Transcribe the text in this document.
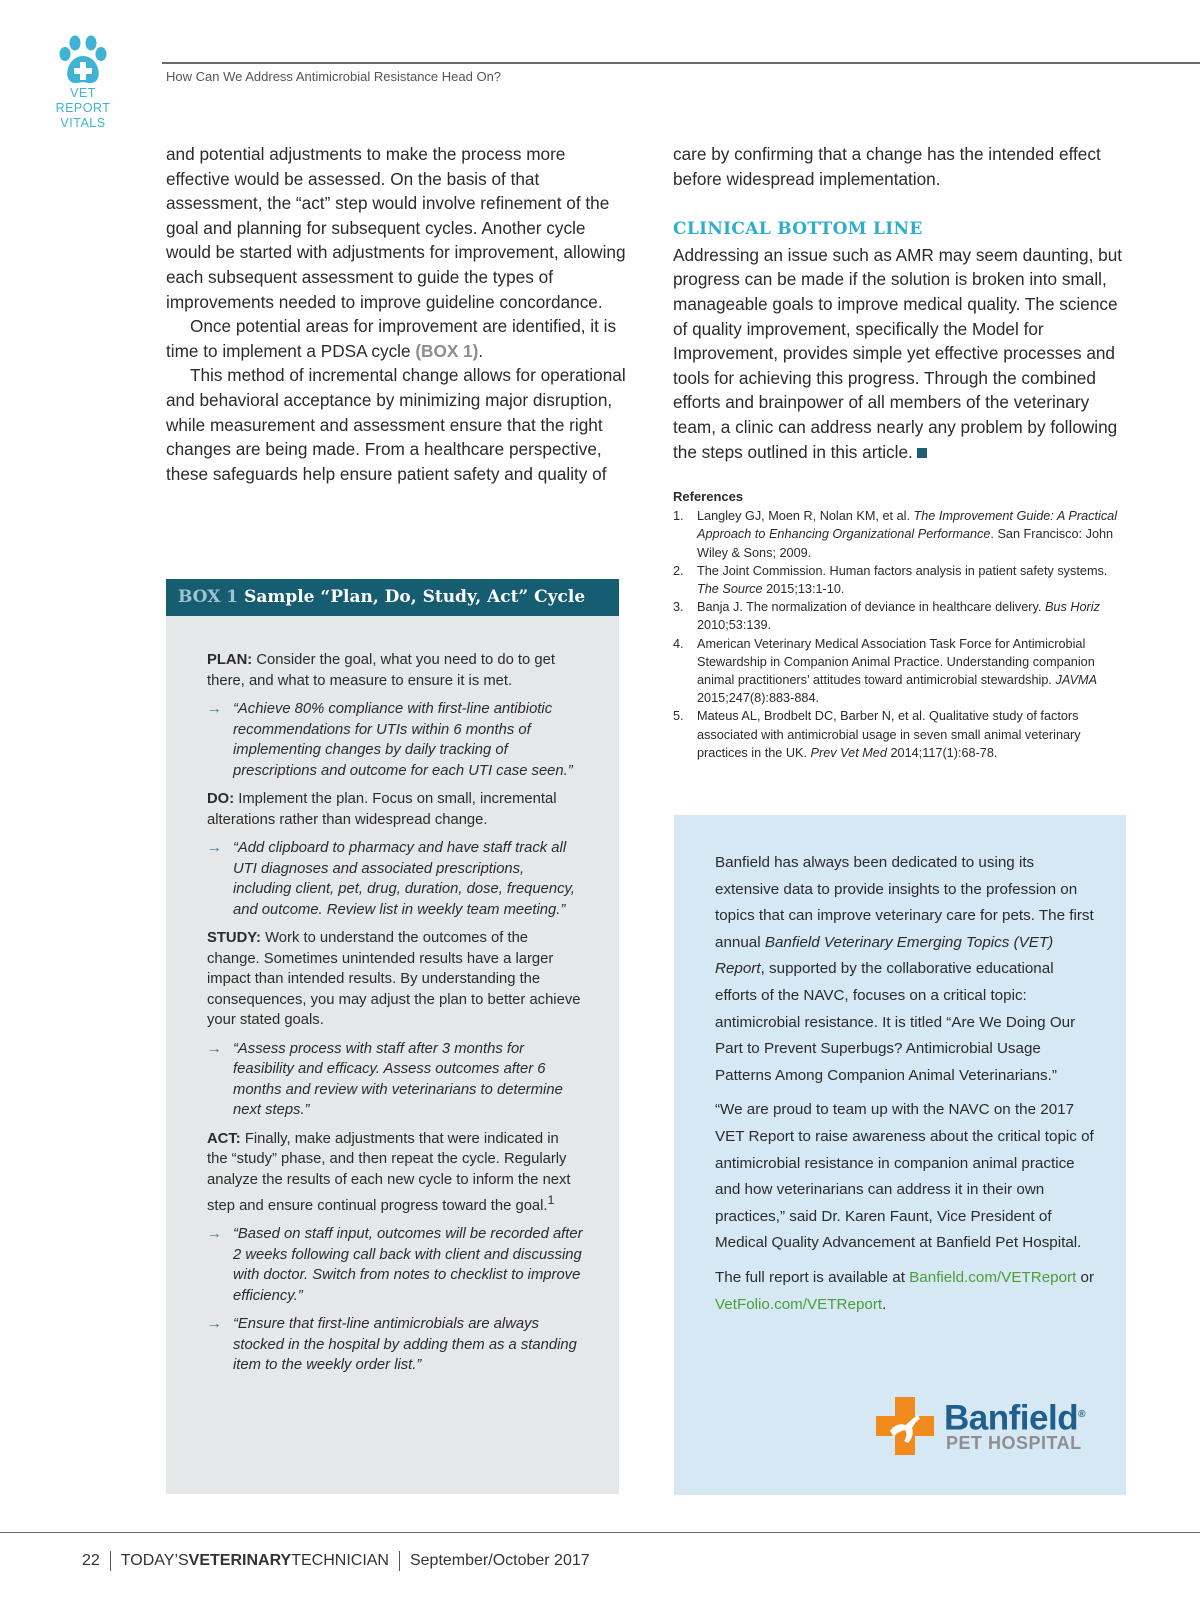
VET
REPORT
VITALS
How Can We Address Antimicrobial Resistance Head On?

and potential adjustments to make the process more effective would be assessed. On the basis of that assessment, the “act” step would involve refinement of the goal and planning for subsequent cycles. Another cycle would be started with adjustments for improvement, allowing each subsequent assessment to guide the types of improvements needed to improve guideline concordance.

Once potential areas for improvement are identified, it is time to implement a PDSA cycle (BOX 1).

This method of incremental change allows for operational and behavioral acceptance by minimizing major disruption, while measurement and assessment ensure that the right changes are being made. From a healthcare perspective, these safeguards help ensure patient safety and quality of

care by confirming that a change has the intended effect before widespread implementation.

CLINICAL BOTTOM LINE

Addressing an issue such as AMR may seem daunting, but progress can be made if the solution is broken into small, manageable goals to improve medical quality. The science of quality improvement, specifically the Model for Improvement, provides simple yet effective processes and tools for achieving this progress. Through the combined efforts and brainpower of all members of the veterinary team, a clinic can address nearly any problem by following the steps outlined in this article.

References
1. Langley GJ, Moen R, Nolan KM, et al. The Improvement Guide: A Practical Approach to Enhancing Organizational Performance. San Francisco: John Wiley & Sons; 2009.
2. The Joint Commission. Human factors analysis in patient safety systems. The Source 2015;13:1-10.
3. Banja J. The normalization of deviance in healthcare delivery. Bus Horiz 2010;53:139.
4. American Veterinary Medical Association Task Force for Antimicrobial Stewardship in Companion Animal Practice. Understanding companion animal practitioners’ attitudes toward antimicrobial stewardship. JAVMA 2015;247(8):883-884.
5. Mateus AL, Brodbelt DC, Barber N, et al. Qualitative study of factors associated with antimicrobial usage in seven small animal veterinary practices in the UK. Prev Vet Med 2014;117(1):68-78.
BOX 1 Sample “Plan, Do, Study, Act” Cycle
PLAN: Consider the goal, what you need to do to get there, and what to measure to ensure it is met.
→ “Achieve 80% compliance with first-line antibiotic recommendations for UTIs within 6 months of implementing changes by daily tracking of prescriptions and outcome for each UTI case seen.”
DO: Implement the plan. Focus on small, incremental alterations rather than widespread change.
→ “Add clipboard to pharmacy and have staff track all UTI diagnoses and associated prescriptions, including client, pet, drug, duration, dose, frequency, and outcome. Review list in weekly team meeting.”
STUDY: Work to understand the outcomes of the change. Sometimes unintended results have a larger impact than intended results. By understanding the consequences, you may adjust the plan to better achieve your stated goals.
→ “Assess process with staff after 3 months for feasibility and efficacy. Assess outcomes after 6 months and review with veterinarians to determine next steps.”
ACT: Finally, make adjustments that were indicated in the “study” phase, and then repeat the cycle. Regularly analyze the results of each new cycle to inform the next step and ensure continual progress toward the goal.$^1$
→ “Based on staff input, outcomes will be recorded after 2 weeks following call back with client and discussing with doctor. Switch from notes to checklist to improve efficiency.”
→ “Ensure that first-line antimicrobials are always stocked in the hospital by adding them as a standing item to the weekly order list.”

Banfield has always been dedicated to using its extensive data to provide insights to the profession on topics that can improve veterinary care for pets. The first annual Banfield Veterinary Emerging Topics (VET) Report, supported by the collaborative educational efforts of the NAVC, focuses on a critical topic: antimicrobial resistance. It is titled “Are We Doing Our Part to Prevent Superbugs? Antimicrobial Usage Patterns Among Companion Animal Veterinarians.”

“We are proud to team up with the NAVC on the 2017 VET Report to raise awareness about the critical topic of antimicrobial resistance in companion animal practice and how veterinarians can address it in their own practices,” said Dr. Karen Faunt, Vice President of Medical Quality Advancement at Banfield Pet Hospital.

The full report is available at Banfield.com/VETReport or VetFolio.com/VETReport.

Banfield®
PET HOSPITAL
22 TODAY’SVETERINARYTECHNICIAN September/October 2017
